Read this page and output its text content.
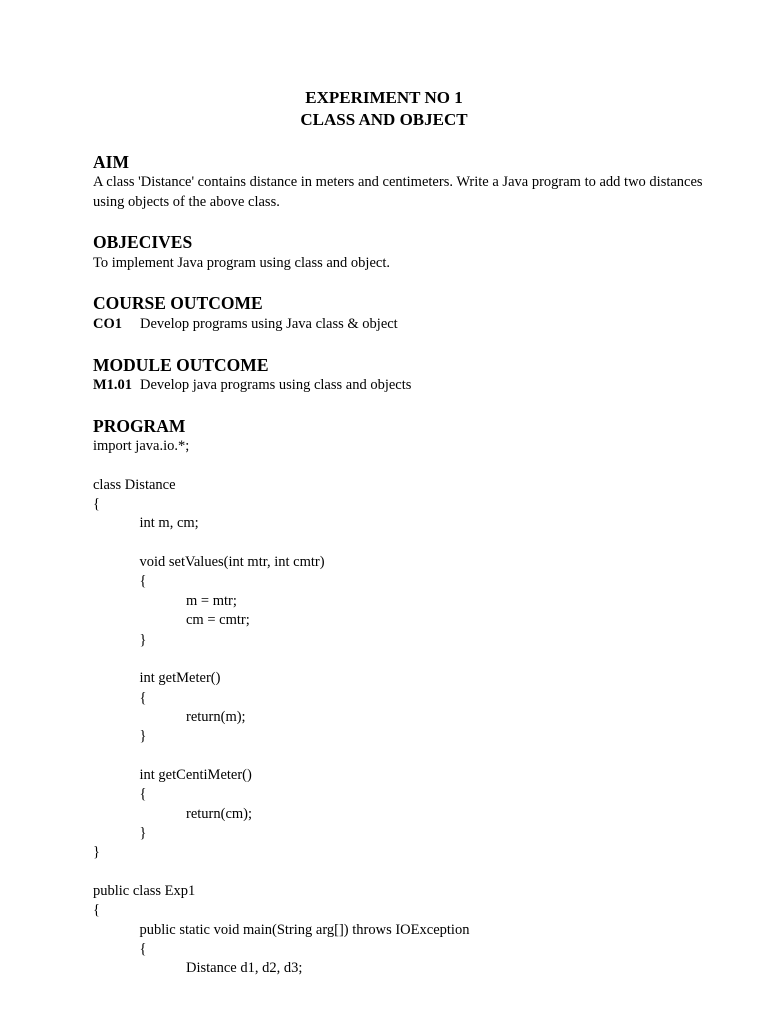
EXPERIMENT NO 1
CLASS AND OBJECT
AIM

A class 'Distance' contains distance in meters and centimeters. Write a Java program to add two distances using objects of the above class.

OBJECIVES

To implement Java program using class and object.

COURSE OUTCOME

CO1 Develop programs using Java class & object

MODULE OUTCOME

M1.01 Develop java programs using class and objects

PROGRAM
import java.io.*;
class Distance
{
int m, cm;
void setValues(int mtr, int cmtr)
{
m = mtr;
cm = cmtr;
}
int getMeter()
{
return(m);
}
int getCentiMeter()
{
return(cm);
}
}
public class Exp1
{
public static void main(String arg[]) throws IOException
{
Distance d1, d2, d3;
